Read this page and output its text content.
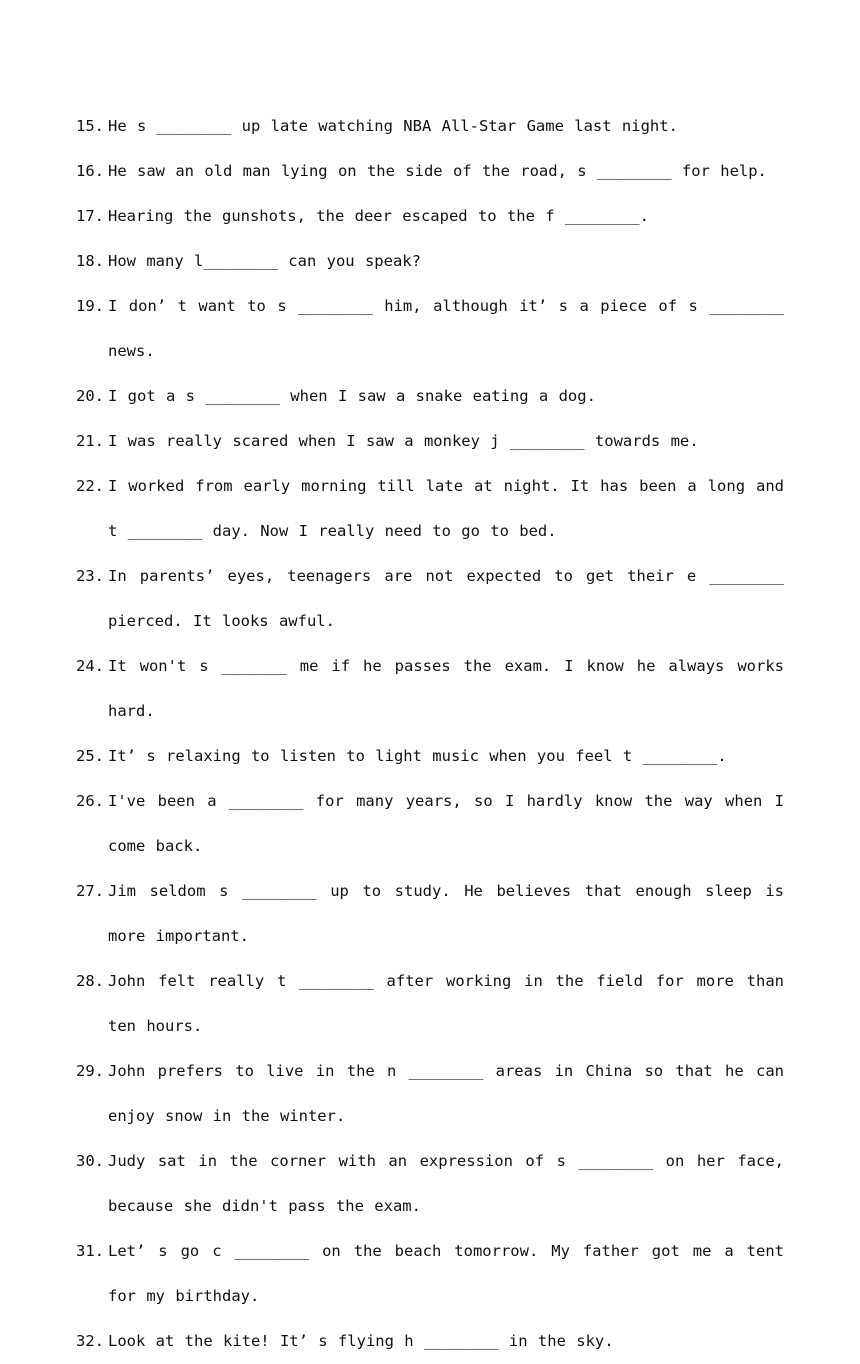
15. He s ________ up late watching NBA All-Star Game last night.
16. He saw an old man lying on the side of the road, s ________ for help.
17. Hearing the gunshots, the deer escaped to the f ________.
18. How many l________ can you speak?
19. I don’ t want to s ________ him, although it’ s a piece of s ________ news.
20. I got a s ________ when I saw a snake eating a dog.
21. I was really scared when I saw a monkey j ________ towards me.
22. I worked from early morning till late at night. It has been a long and t ________ day. Now I really need to go to bed.
23. In parents’ eyes, teenagers are not expected to get their e ________ pierced. It looks awful.
24. It won't s _______ me if he passes the exam. I know he always works hard.
25. It’ s relaxing to listen to light music when you feel t ________.
26. I've been a ________ for many years, so I hardly know the way when I come back.
27. Jim seldom s ________ up to study. He believes that enough sleep is more important.
28. John felt really t ________ after working in the field for more than ten hours.
29. John prefers to live in the n ________ areas in China so that he can enjoy snow in the winter.
30. Judy sat in the corner with an expression of s ________ on her face, because she didn't pass the exam.
31. Let’ s go c ________ on the beach tomorrow. My father got me a tent for my birthday.
32. Look at the kite! It’ s flying h ________ in the sky.
